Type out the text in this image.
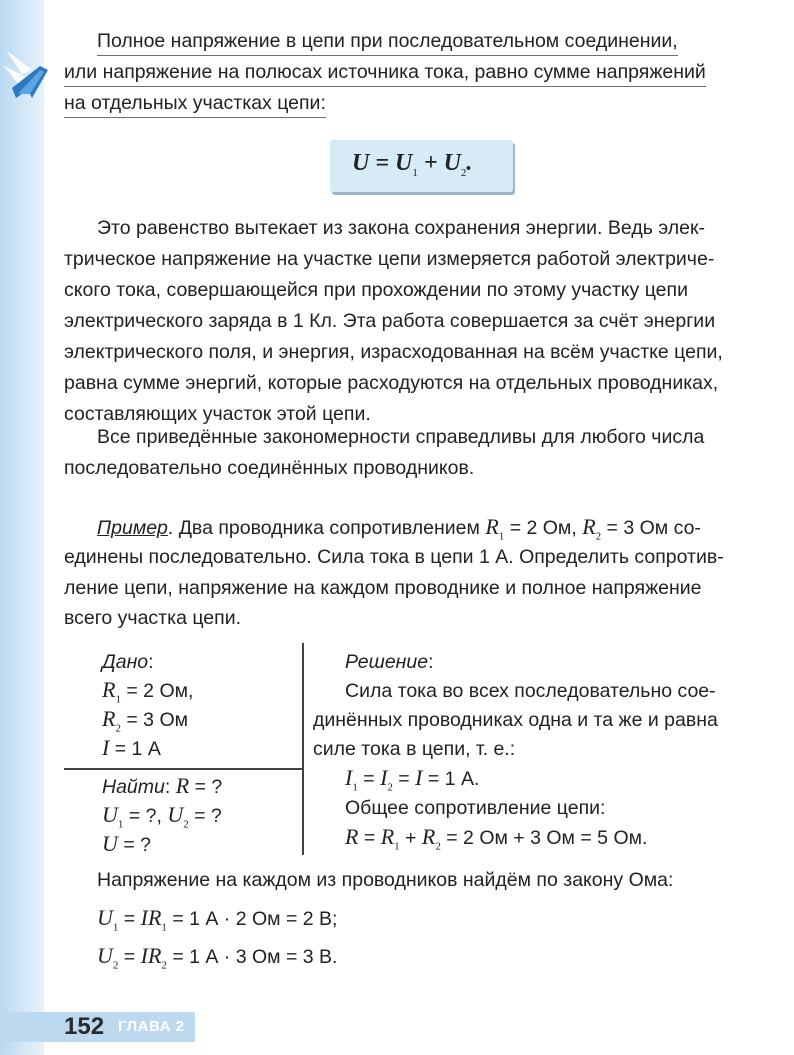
Полное напряжение в цепи при последовательном соединении,
или напряжение на полюсах источника тока, равно сумме напряжений
на отдельных участках цепи:
$U = U_1 + U_2$.
Это равенство вытекает из закона сохранения энергии. Ведь элек-
трическое напряжение на участке цепи измеряется работой электриче-
ского тока, совершающейся при прохождении по этому участку цепи
электрического заряда в 1 Кл. Эта работа совершается за счёт энергии
электрического поля, и энергия, израсходованная на всём участке цепи,
равна сумме энергий, которые расходуются на отдельных проводниках,
составляющих участок этой цепи.
Все приведённые закономерности справедливы для любого числа
последовательно соединённых проводников.
Пример. Два проводника сопротивлением $R_1 = 2$ Ом, $R_2 = 3$ Ом со-
единены последовательно. Сила тока в цепи 1 А. Определить сопротив-
ление цепи, напряжение на каждом проводнике и полное напряжение
всего участка цепи.
Дано:
$R_1 = 2$ Ом,
$R_2 = 3$ Ом
I = 1 А
Найти: R = ?
$U_1$ = ?, $U_2$ = ?
U = ?
Решение:
Сила тока во всех последовательно сое-
динённых проводниках одна и та же и равна
силе тока в цепи, т. е.:
$I_1 = I_2 = I = 1$ А.
Общее сопротивление цепи:
$R = R_1 + R_2 = 2$ Ом + 3 Ом = 5 Ом.
Напряжение на каждом из проводников найдём по закону Ома:
$U_1 = IR_1 = 1$ А · 2 Ом = 2 В;
$U_2 = IR_2 = 1$ А · 3 Ом = 3 В.
152 ГЛАВА 2
